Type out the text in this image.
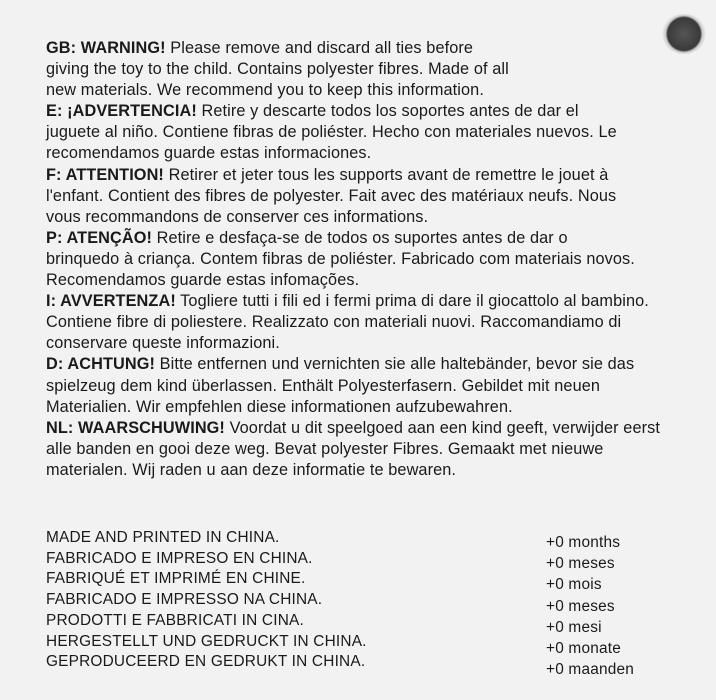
GB: WARNING! Please remove and discard all ties before

giving the toy to the child. Contains polyester fibres. Made of all

new materials. We recommend you to keep this information.

E: ¡ADVERTENCIA! Retire y descarte todos los soportes antes de dar el

juguete al niño. Contiene fibras de poliéster. Hecho con materiales nuevos. Le

recomendamos guarde estas informaciones.

F: ATTENTION! Retirer et jeter tous les supports avant de remettre le jouet à

l'enfant. Contient des fibres de polyester. Fait avec des matériaux neufs. Nous

vous recommandons de conserver ces informations.

P: ATENÇÃO! Retire e desfaça-se de todos os suportes antes de dar o

brinquedo à criança. Contem fibras de poliéster. Fabricado com materiais novos.

Recomendamos guarde estas infomações.

I: AVVERTENZA! Togliere tutti i fili ed i fermi prima di dare il giocattolo al bambino.

Contiene fibre di poliestere. Realizzato con materiali nuovi. Raccomandiamo di

conservare queste informazioni.

D: ACHTUNG! Bitte entfernen und vernichten sie alle haltebänder, bevor sie das

spielzeug dem kind überlassen. Enthält Polyesterfasern. Gebildet mit neuen

Materialien. Wir empfehlen diese informationen aufzubewahren.

NL: WAARSCHUWING! Voordat u dit speelgoed aan een kind geeft, verwijder eerst

alle banden en gooi deze weg. Bevat polyester Fibres. Gemaakt met nieuwe

materialen. Wij raden u aan deze informatie te bewaren.

MADE AND PRINTED IN CHINA.
FABRICADO E IMPRESO EN CHINA.
FABRIQUÉ ET IMPRIMÉ EN CHINE.
FABRICADO E IMPRESSO NA CHINA.
PRODOTTI E FABBRICATI IN CINA.
HERGESTELLT UND GEDRUCKT IN CHINA.
GEPRODUCEERD EN GEDRUKT IN CHINA.
+0 months
+0 meses
+0 mois
+0 meses
+0 mesi
+0 monate
+0 maanden
